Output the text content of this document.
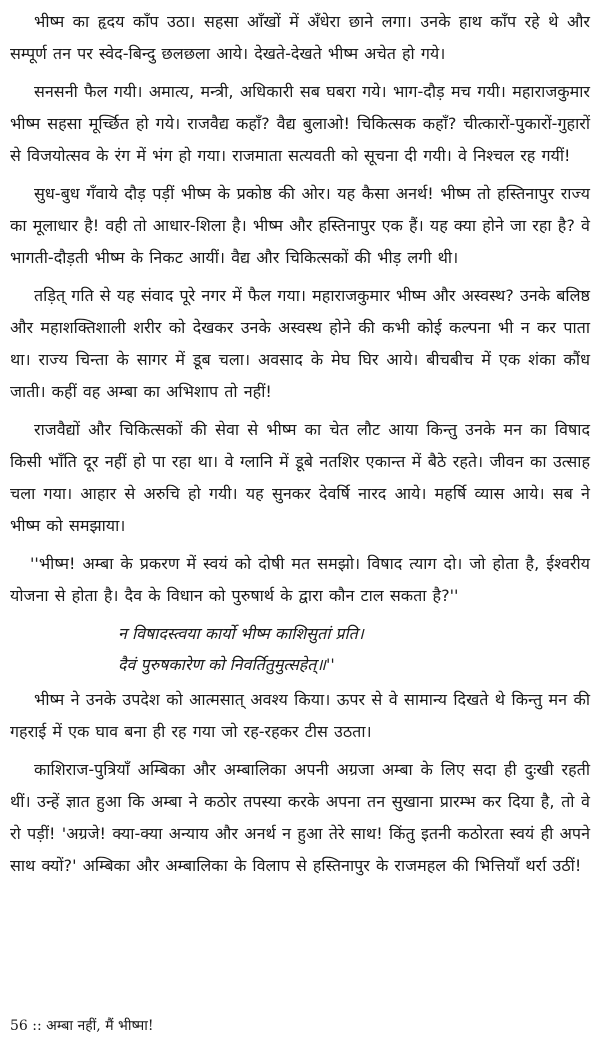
भीष्म का हृदय काँप उठा। सहसा आँखों में अँधेरा छाने लगा। उनके हाथ काँप रहे थे और सम्पूर्ण तन पर स्वेद-बिन्दु छलछला आये। देखते-देखते भीष्म अचेत हो गये।

सनसनी फैल गयी। अमात्य, मन्त्री, अधिकारी सब घबरा गये। भाग-दौड़ मच गयी। महाराजकुमार भीष्म सहसा मूर्च्छित हो गये। राजवैद्य कहाँ? वैद्य बुलाओ! चिकित्सक कहाँ? चीत्कारों-पुकारों-गुहारों से विजयोत्सव के रंग में भंग हो गया। राजमाता सत्यवती को सूचना दी गयी। वे निश्चल रह गयीं!

सुध-बुध गँवाये दौड़ पड़ीं भीष्म के प्रकोष्ठ की ओर। यह कैसा अनर्थ! भीष्म तो हस्तिनापुर राज्य का मूलाधार है! वही तो आधार-शिला है। भीष्म और हस्तिनापुर एक हैं। यह क्या होने जा रहा है? वे भागती-दौड़ती भीष्म के निकट आयीं। वैद्य और चिकित्सकों की भीड़ लगी थी।

तड़ित् गति से यह संवाद पूरे नगर में फैल गया। महाराजकुमार भीष्म और अस्वस्थ? उनके बलिष्ठ और महाशक्तिशाली शरीर को देखकर उनके अस्वस्थ होने की कभी कोई कल्पना भी न कर पाता था। राज्य चिन्ता के सागर में डूब चला। अवसाद के मेघ घिर आये। बीचबीच में एक शंका कौंध जाती। कहीं वह अम्बा का अभिशाप तो नहीं!

राजवैद्यों और चिकित्सकों की सेवा से भीष्म का चेत लौट आया किन्तु उनके मन का विषाद किसी भाँति दूर नहीं हो पा रहा था। वे ग्लानि में डूबे नतशिर एकान्त में बैठे रहते। जीवन का उत्साह चला गया। आहार से अरुचि हो गयी। यह सुनकर देवर्षि नारद आये। महर्षि व्यास आये। सब ने भीष्म को समझाया।

''भीष्म! अम्बा के प्रकरण में स्वयं को दोषी मत समझो। विषाद त्याग दो। जो होता है, ईश्वरीय योजना से होता है। दैव के विधान को पुरुषार्थ के द्वारा कौन टाल सकता है?''

न विषादस्त्वया कार्यो भीष्म काशिसुतां प्रति।

दैवं पुरुषकारेण को निवर्तितुमुत्सहेत्॥''

भीष्म ने उनके उपदेश को आत्मसात् अवश्य किया। ऊपर से वे सामान्य दिखते थे किन्तु मन की गहराई में एक घाव बना ही रह गया जो रह-रहकर टीस उठता।

काशिराज-पुत्रियाँ अम्बिका और अम्बालिका अपनी अग्रजा अम्बा के लिए सदा ही दुःखी रहती थीं। उन्हें ज्ञात हुआ कि अम्बा ने कठोर तपस्या करके अपना तन सुखाना प्रारम्भ कर दिया है, तो वे रो पड़ीं! 'अग्रजे! क्या-क्या अन्याय और अनर्थ न हुआ तेरे साथ! किंतु इतनी कठोरता स्वयं ही अपने साथ क्यों?' अम्बिका और अम्बालिका के विलाप से हस्तिनापुर के राजमहल की भित्तियाँ थर्रा उठीं!

56 :: अम्बा नहीं, मैं भीष्मा!
